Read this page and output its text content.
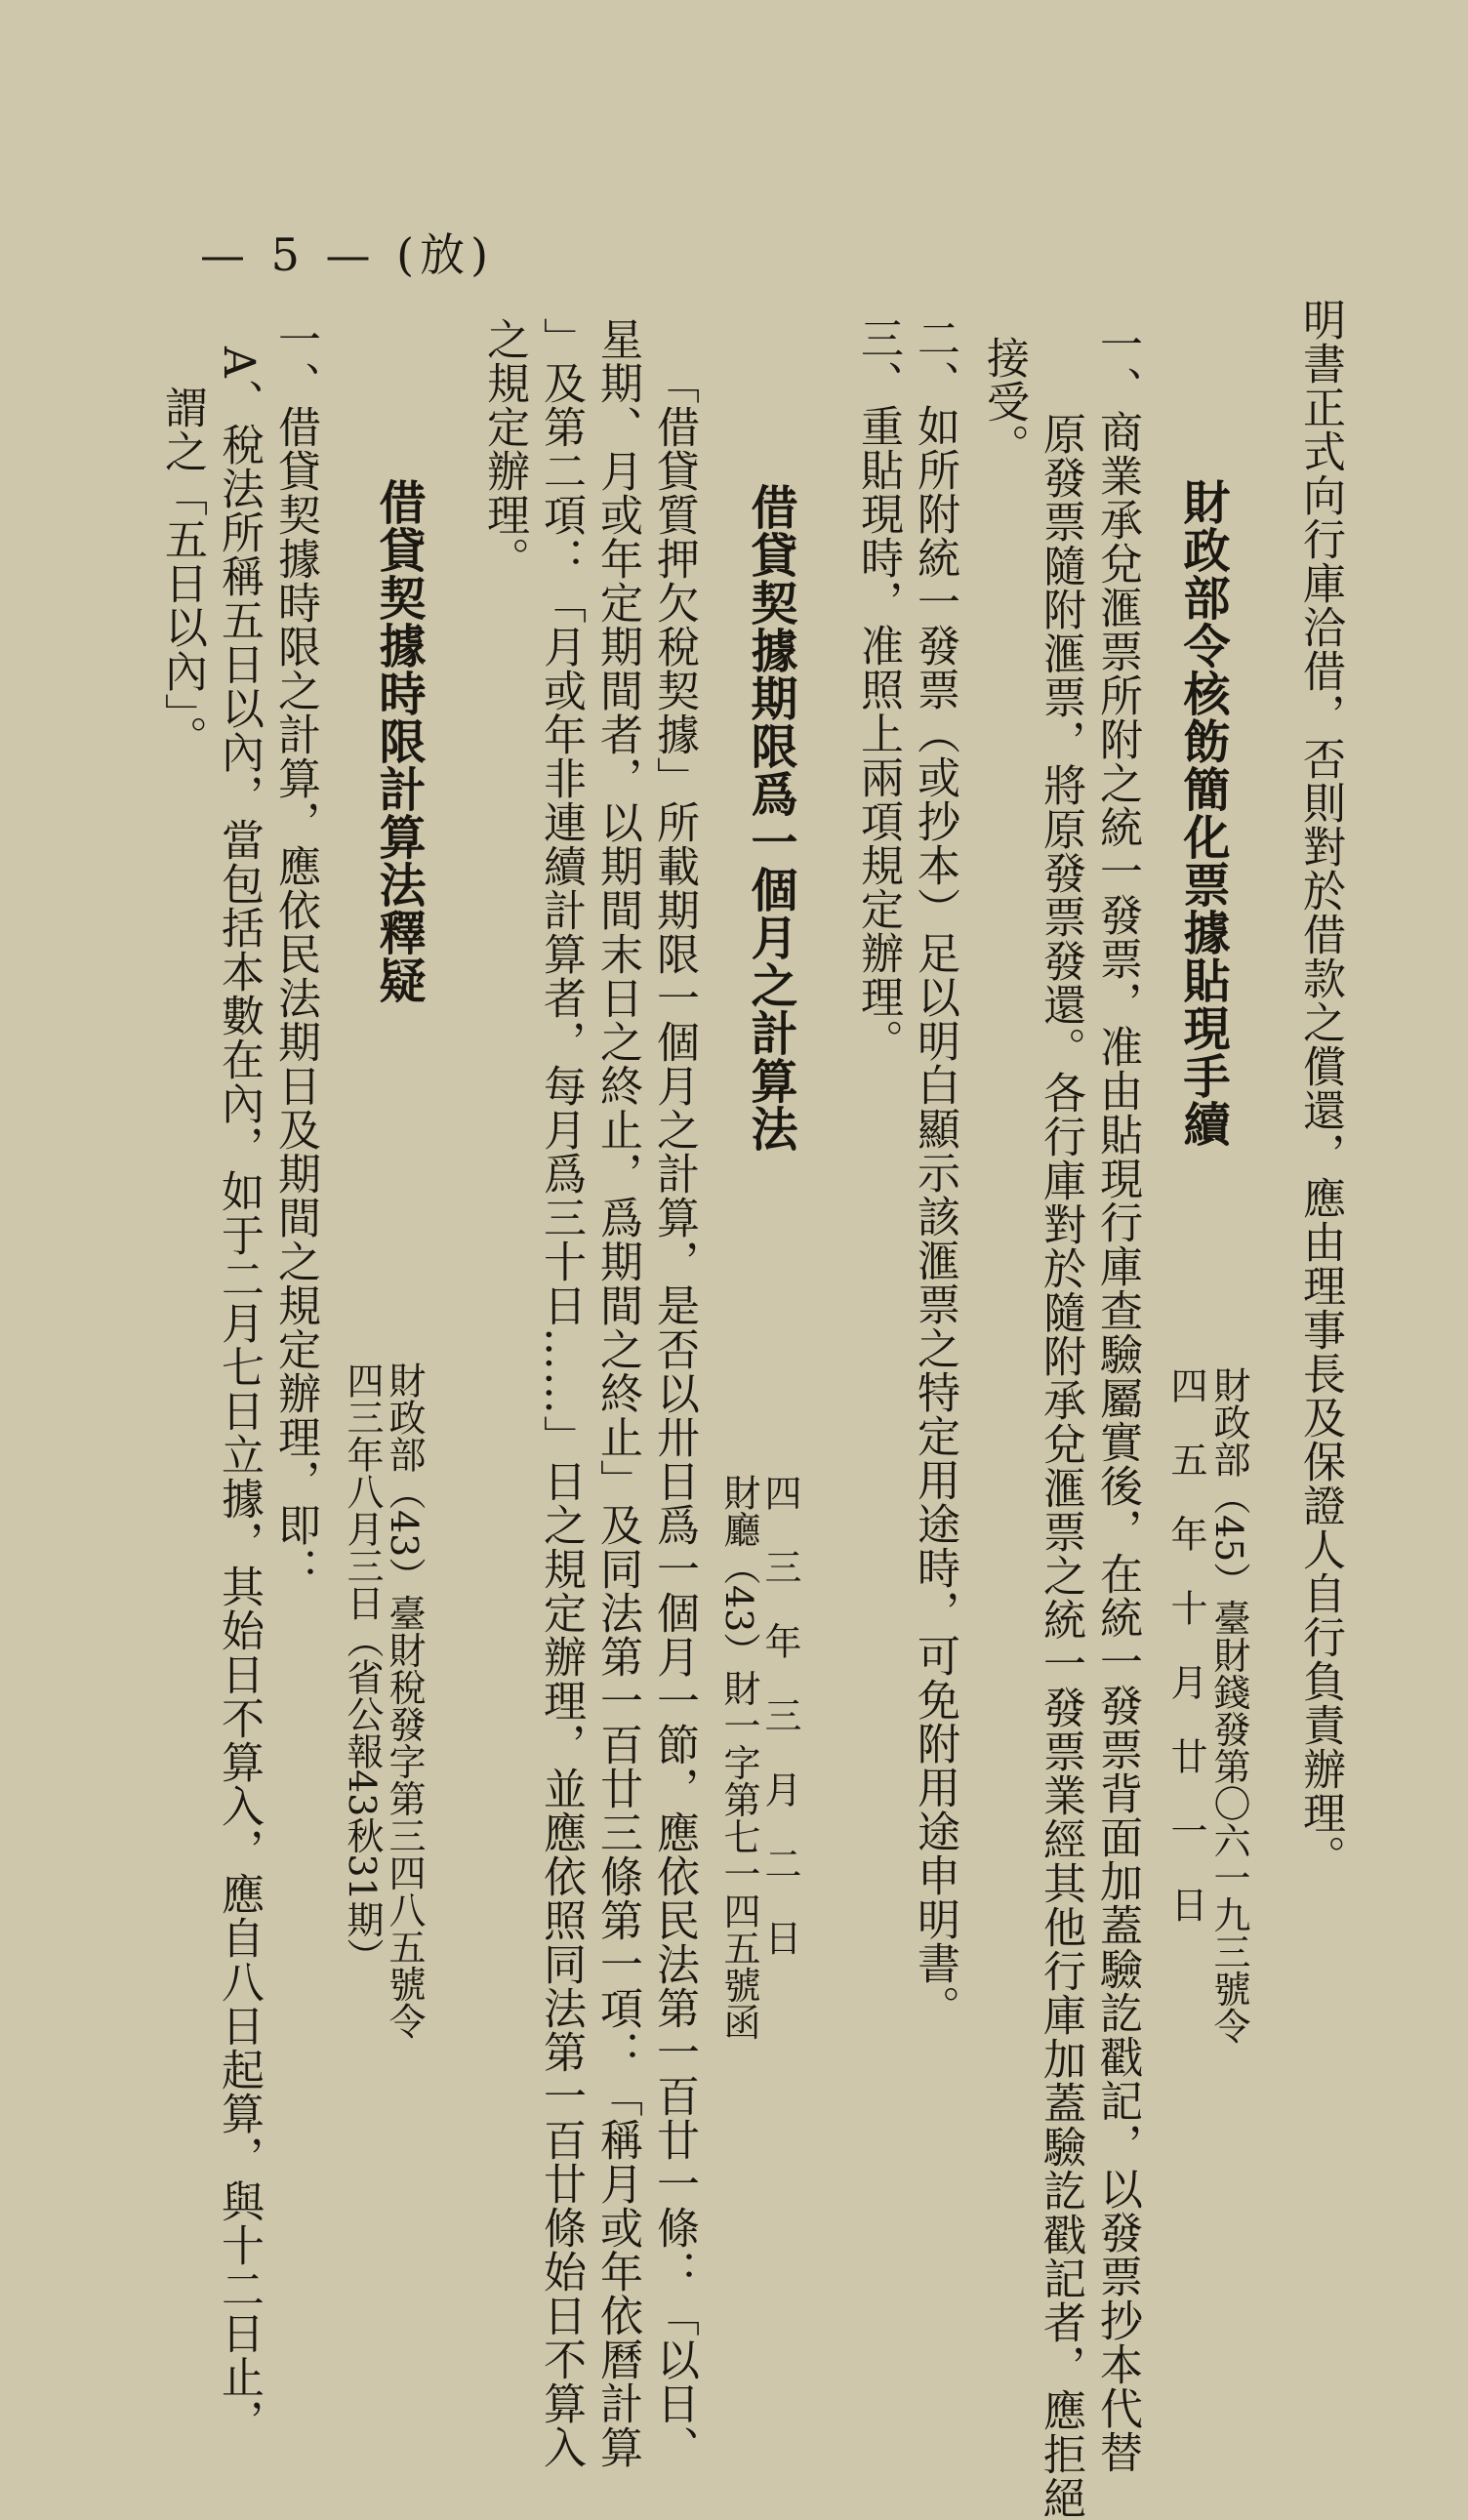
明書正式向行庫洽借，否則對於借款之償還，應由理事長及保證人自行負責辦理。
財政部令核飭簡化票據貼現手續
財政部（45）臺財錢發第〇六一九三號令
四　五　年　十　月　廿　一　日
一、商業承兌滙票所附之統一發票，准由貼現行庫查驗屬實後，在統一發票背面加蓋驗訖戳記，以發票抄本代替
原發票隨附滙票，將原發票發還。各行庫對於隨附承兌滙票之統一發票業經其他行庫加蓋驗訖戳記者，應拒絕
接受。
二、如所附統一發票（或抄本）足以明白顯示該滙票之特定用途時，可免附用途申明書。
三、重貼現時，准照上兩項規定辦理。
借貸契據期限爲一個月之計算法
四　三　年　三　月　二　日
財廳（43）財一字第七一四五號函
「借貸質押欠稅契據」所載期限一個月之計算，是否以卅日爲一個月一節，應依民法第一百廿一條：「以日、
星期、月或年定期間者，以期間末日之終止，爲期間之終止」及同法第一百廿三條第一項：「稱月或年依曆計算
」及第二項：「月或年非連續計算者，每月爲三十日……」日之規定辦理，並應依照同法第一百廿條始日不算入
之規定辦理。
借貸契據時限計算法釋疑
財政部（43）臺財稅發字第三四八五號令
四三年八月三日（省公報43秋31期）
一、借貸契據時限之計算，應依民法期日及期間之規定辦理，即：
A、稅法所稱五日以內，當包括本數在內，如于二月七日立據，其始日不算入，應自八日起算，與十二日止，
謂之「五日以內」。
— 5 — (放)
